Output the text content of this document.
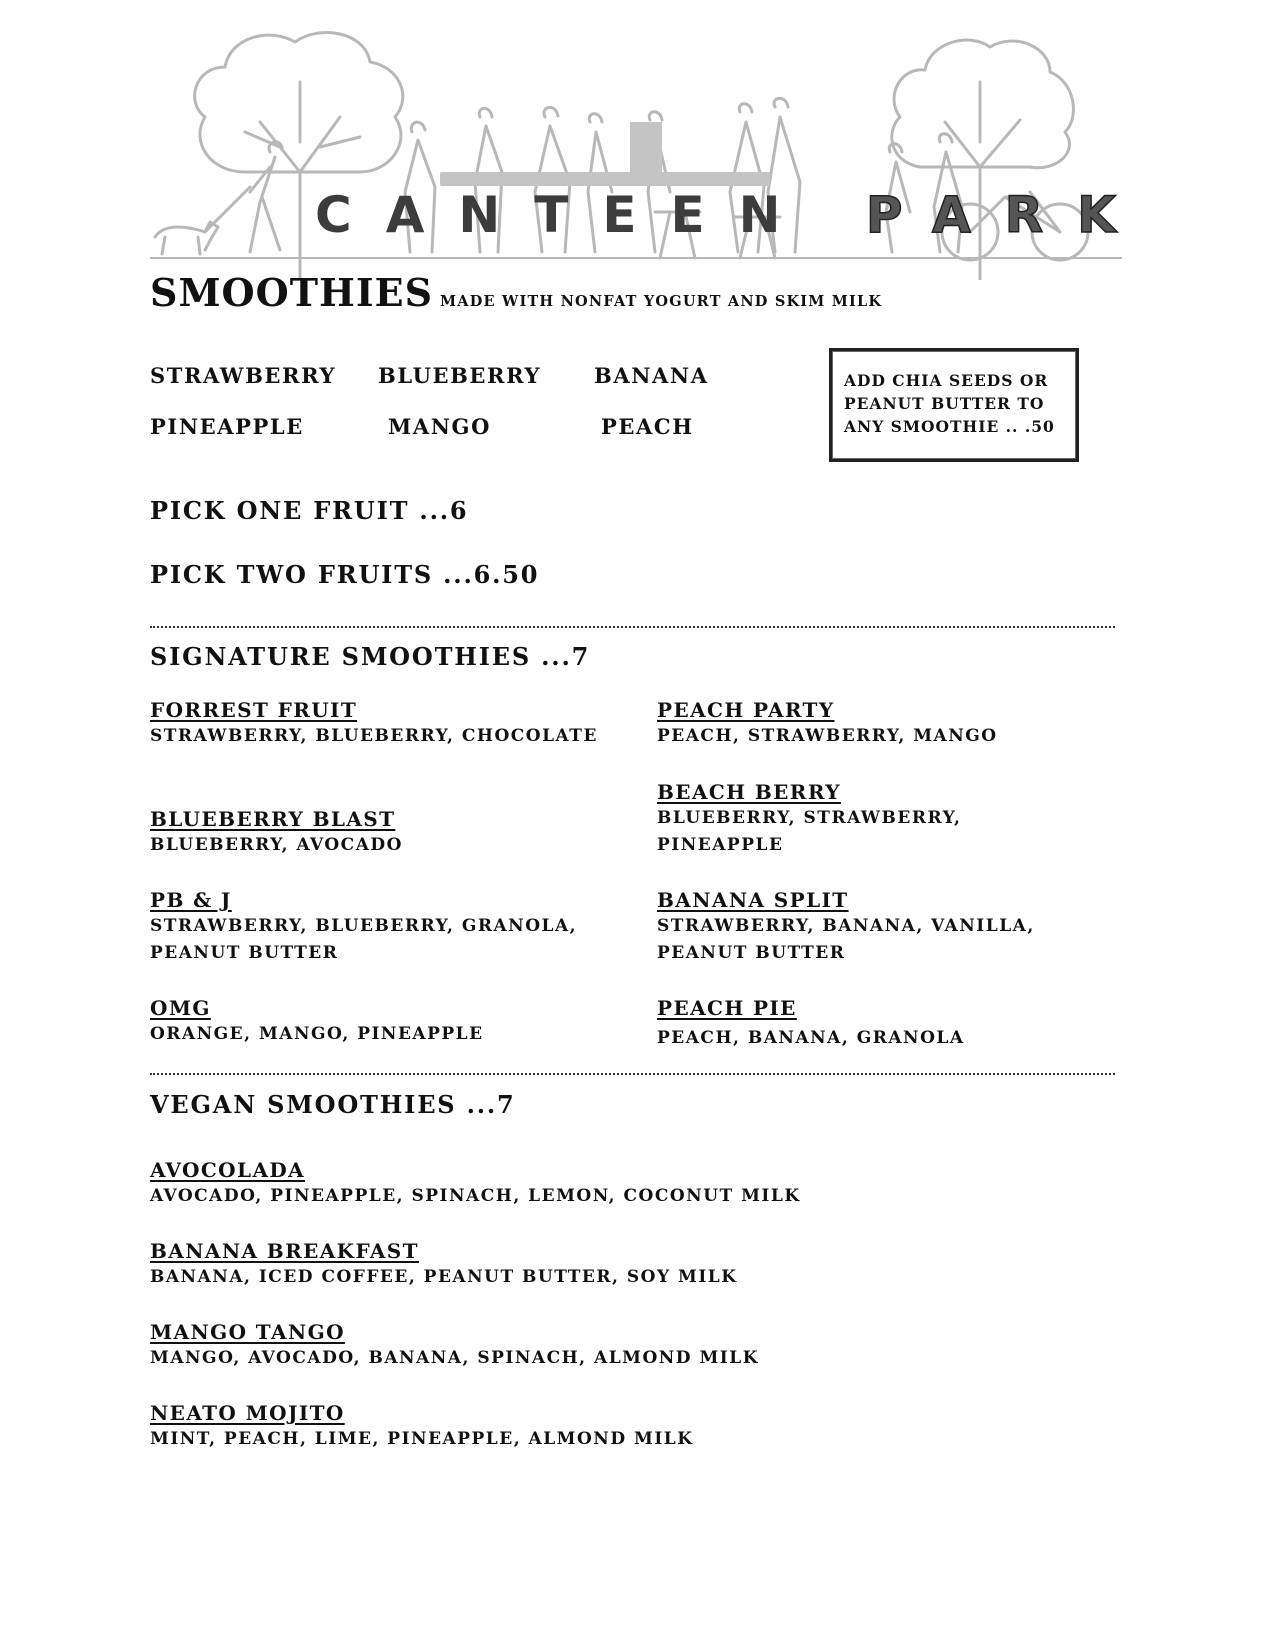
CANTEEN PARK
SMOOTHIES MADE WITH NONFAT YOGURT AND SKIM MILK
STRAWBERRY BLUEBERRY	BANANA
PINEAPPLE	MANGO	PEACH
ADD CHIA SEEDS OR PEANUT BUTTER TO ANY SMOOTHIE .. .50
PICK ONE FRUIT ...6
PICK TWO FRUITS ...6.50
SIGNATURE SMOOTHIES ...7
FORREST FRUIT
STRAWBERRY, BLUEBERRY, CHOCOLATE
BLUEBERRY BLAST
BLUEBERRY, AVOCADO
PB & J
STRAWBERRY, BLUEBERRY, GRANOLA, PEANUT BUTTER
OMG
ORANGE, MANGO, PINEAPPLE
PEACH PARTY
PEACH, STRAWBERRY, MANGO
BEACH BERRY
BLUEBERRY, STRAWBERRY, PINEAPPLE
BANANA SPLIT
STRAWBERRY, BANANA, VANILLA, PEANUT BUTTER
PEACH PIE
PEACH, BANANA, GRANOLA
VEGAN SMOOTHIES ...7
AVOCOLADA
AVOCADO, PINEAPPLE, SPINACH, LEMON, COCONUT MILK
BANANA BREAKFAST
BANANA, ICED COFFEE, PEANUT BUTTER, SOY MILK
MANGO TANGO
MANGO, AVOCADO, BANANA, SPINACH, ALMOND MILK
NEATO MOJITO
MINT, PEACH, LIME, PINEAPPLE, ALMOND MILK
